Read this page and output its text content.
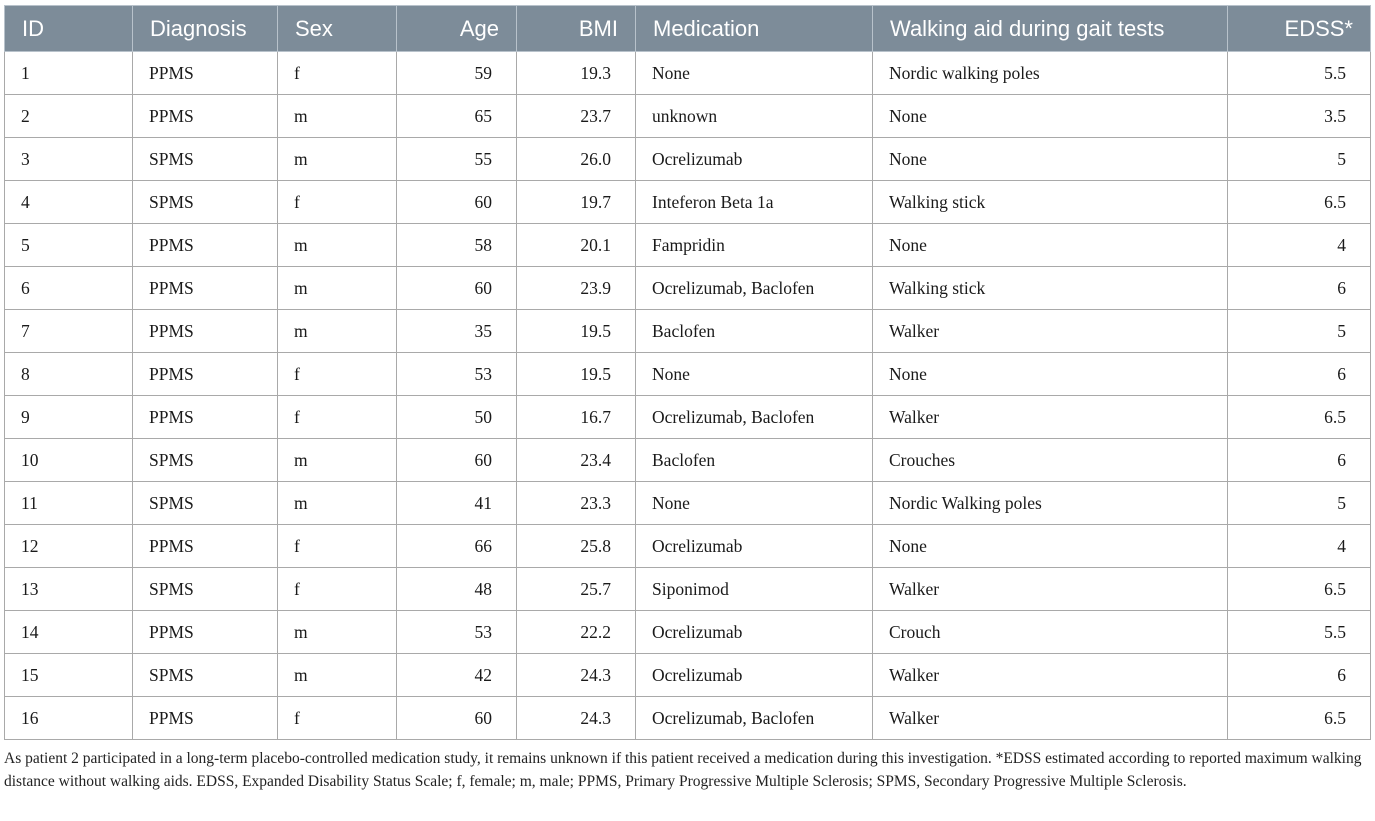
ID	Diagnosis	Sex	Age	BMI	Medication	Walking aid during gait tests	EDSS*
1	PPMS	f	59	19.3	None	Nordic walking poles	5.5
2	PPMS	m	65	23.7	unknown	None	3.5
3	SPMS	m	55	26.0	Ocrelizumab	None	5
4	SPMS	f	60	19.7	Inteferon Beta 1a	Walking stick	6.5
5	PPMS	m	58	20.1	Fampridin	None	4
6	PPMS	m	60	23.9	Ocrelizumab, Baclofen	Walking stick	6
7	PPMS	m	35	19.5	Baclofen	Walker	5
8	PPMS	f	53	19.5	None	None	6
9	PPMS	f	50	16.7	Ocrelizumab, Baclofen	Walker	6.5
10	SPMS	m	60	23.4	Baclofen	Crouches	6
11	SPMS	m	41	23.3	None	Nordic Walking poles	5
12	PPMS	f	66	25.8	Ocrelizumab	None	4
13	SPMS	f	48	25.7	Siponimod	Walker	6.5
14	PPMS	m	53	22.2	Ocrelizumab	Crouch	5.5
15	SPMS	m	42	24.3	Ocrelizumab	Walker	6
16	PPMS	f	60	24.3	Ocrelizumab, Baclofen	Walker	6.5
As patient 2 participated in a long-term placebo-controlled medication study, it remains unknown if this patient received a medication during this investigation. *EDSS estimated according to reported maximum walking distance without walking aids. EDSS, Expanded Disability Status Scale; f, female; m, male; PPMS, Primary Progressive Multiple Sclerosis; SPMS, Secondary Progressive Multiple Sclerosis.
